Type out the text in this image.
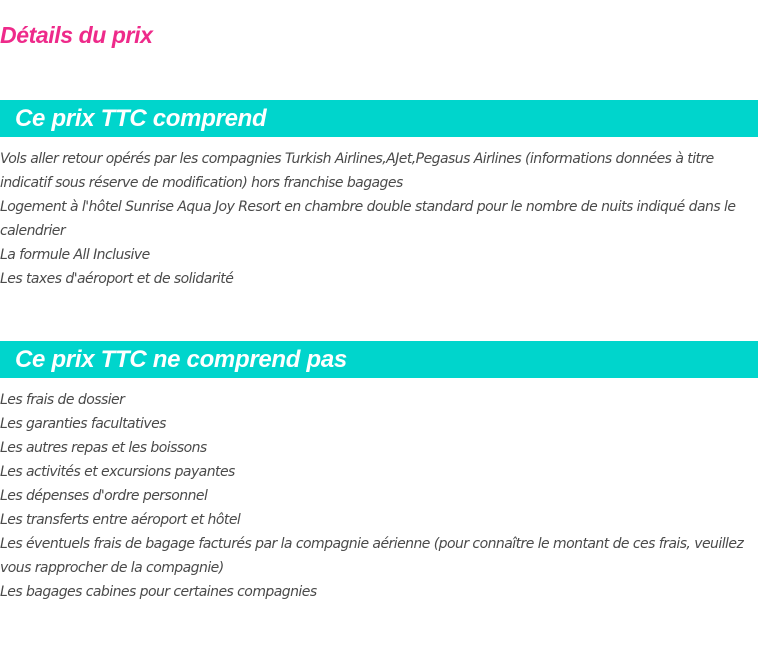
Détails du prix
Ce prix TTC comprend
Vols aller retour opérés par les compagnies Turkish Airlines,AJet,Pegasus Airlines (informations données à titre indicatif sous réserve de modification) hors franchise bagages
Logement à l'hôtel Sunrise Aqua Joy Resort en chambre double standard pour le nombre de nuits indiqué dans le calendrier
La formule All Inclusive
Les taxes d'aéroport et de solidarité
Ce prix TTC ne comprend pas
Les frais de dossier
Les garanties facultatives
Les autres repas et les boissons
Les activités et excursions payantes
Les dépenses d'ordre personnel
Les transferts entre aéroport et hôtel
Les éventuels frais de bagage facturés par la compagnie aérienne (pour connaître le montant de ces frais, veuillez vous rapprocher de la compagnie)
Les bagages cabines pour certaines compagnies
